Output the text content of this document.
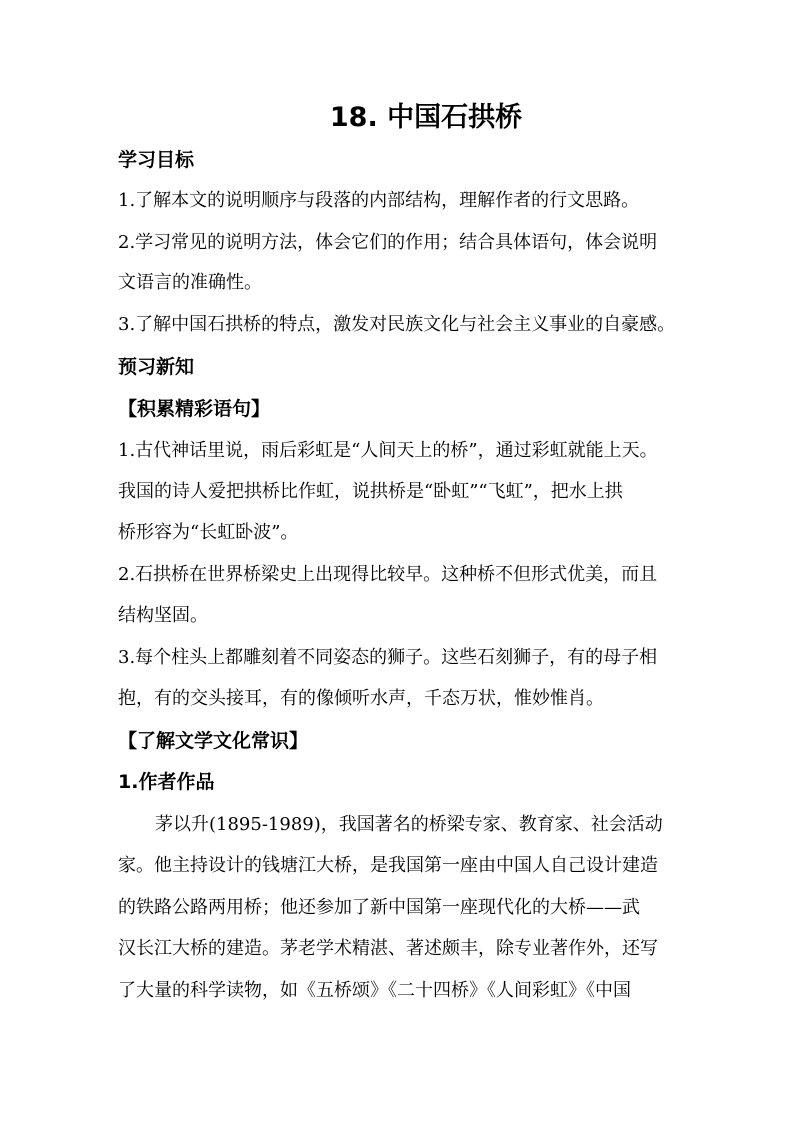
18. 中国石拱桥
学习目标
1.了解本文的说明顺序与段落的内部结构，理解作者的行文思路。
2.学习常见的说明方法，体会它们的作用；结合具体语句，体会说明
文语言的准确性。
3.了解中国石拱桥的特点，激发对民族文化与社会主义事业的自豪感。
预习新知
【积累精彩语句】
1.古代神话里说，雨后彩虹是“人间天上的桥”，通过彩虹就能上天。
我国的诗人爱把拱桥比作虹，说拱桥是“卧虹”“飞虹”，把水上拱
桥形容为“长虹卧波”。
2.石拱桥在世界桥梁史上出现得比较早。这种桥不但形式优美，而且
结构坚固。
3.每个柱头上都雕刻着不同姿态的狮子。这些石刻狮子，有的母子相
抱，有的交头接耳，有的像倾听水声，千态万状，惟妙惟肖。
【了解文学文化常识】
1.作者作品
茅以升(1895-1989)，我国著名的桥梁专家、教育家、社会活动
家。他主持设计的钱塘江大桥，是我国第一座由中国人自己设计建造
的铁路公路两用桥；他还参加了新中国第一座现代化的大桥——武
汉长江大桥的建造。茅老学术精湛、著述颇丰，除专业著作外，还写
了大量的科学读物，如《五桥颂》《二十四桥》《人间彩虹》《中国
